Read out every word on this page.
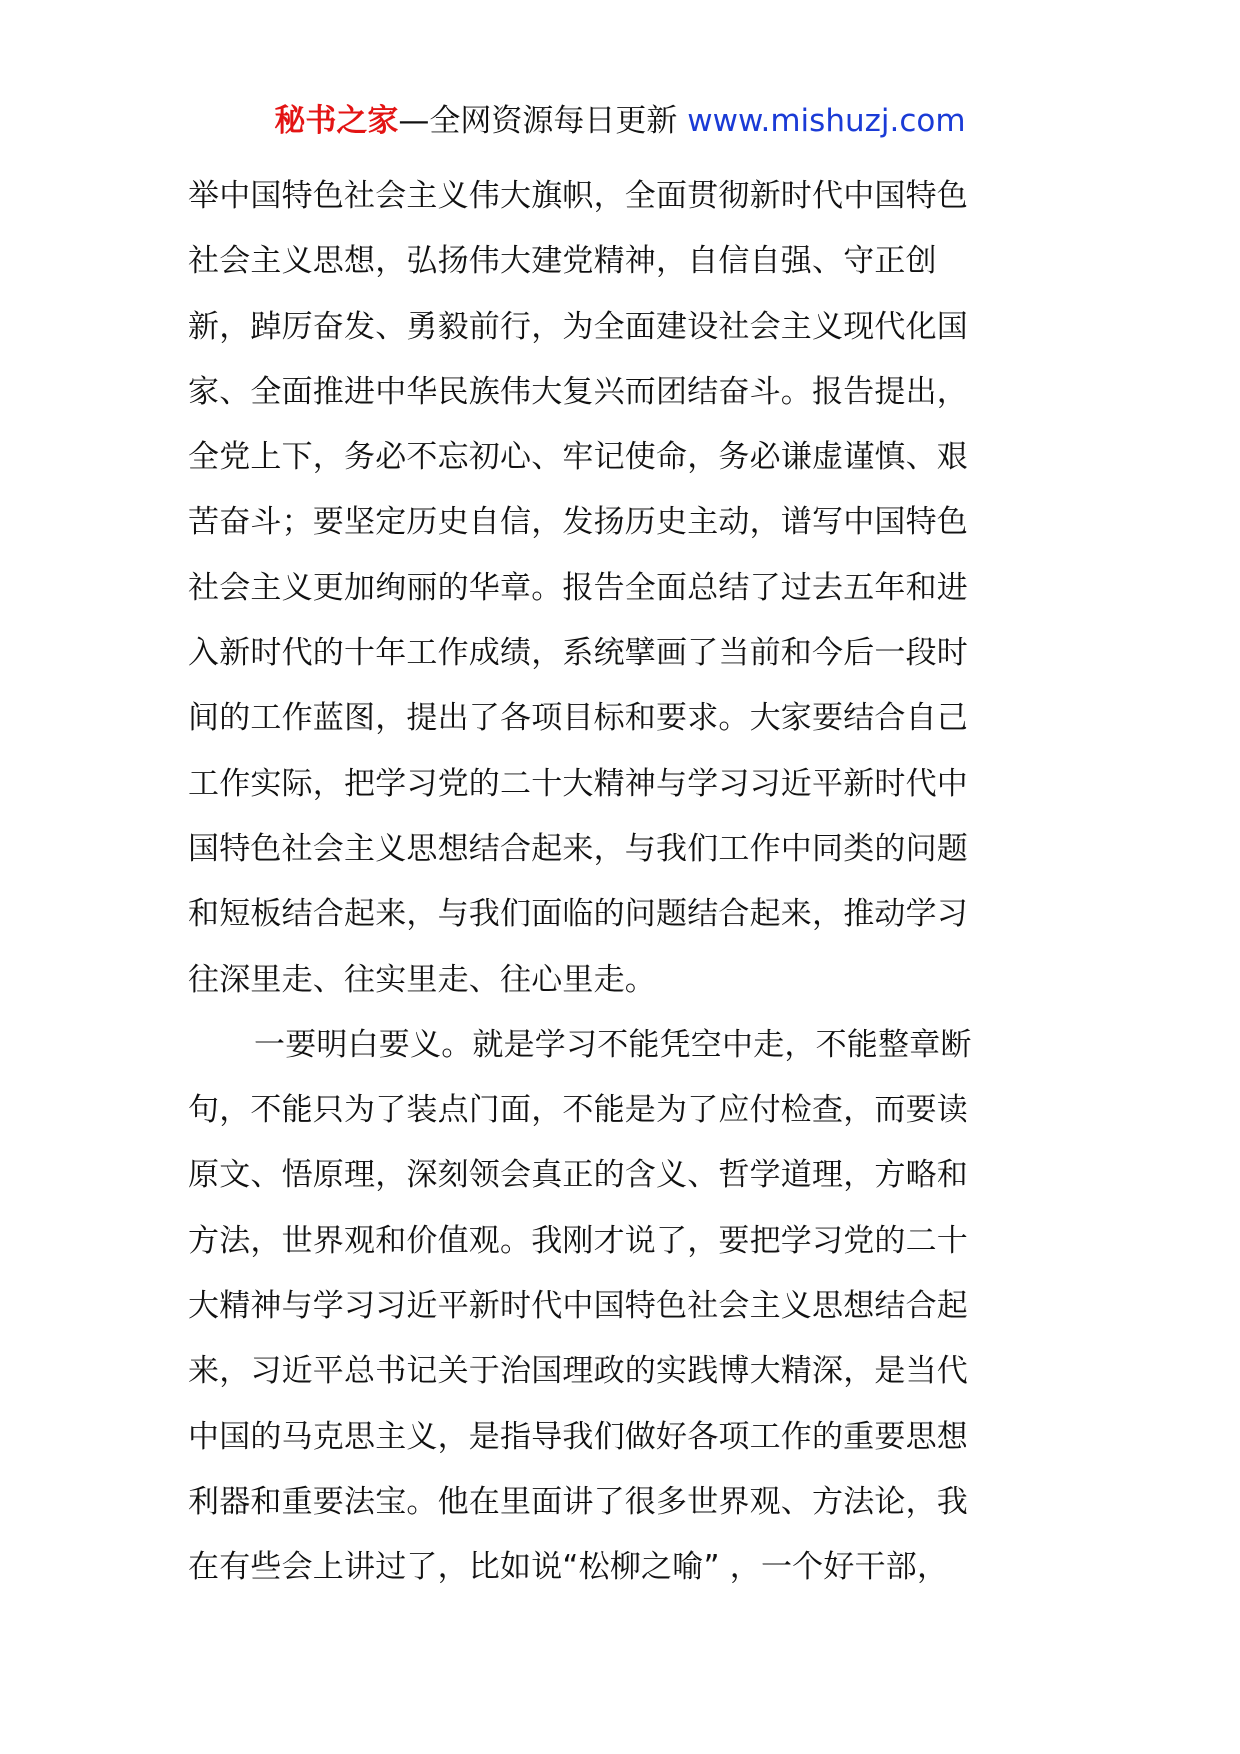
秘书之家—全网资源每日更新 www.mishuzj.com
举中国特色社会主义伟大旗帜，全面贯彻新时代中国特色
社会主义思想，弘扬伟大建党精神，自信自强、守正创
新，踔厉奋发、勇毅前行，为全面建设社会主义现代化国
家、全面推进中华民族伟大复兴而团结奋斗。报告提出，
全党上下，务必不忘初心、牢记使命，务必谦虚谨慎、艰
苦奋斗；要坚定历史自信，发扬历史主动，谱写中国特色
社会主义更加绚丽的华章。报告全面总结了过去五年和进
入新时代的十年工作成绩，系统擘画了当前和今后一段时
间的工作蓝图，提出了各项目标和要求。大家要结合自己
工作实际，把学习党的二十大精神与学习习近平新时代中
国特色社会主义思想结合起来，与我们工作中同类的问题
和短板结合起来，与我们面临的问题结合起来，推动学习
往深里走、往实里走、往心里走。
一要明白要义。就是学习不能凭空中走，不能整章断
句，不能只为了装点门面，不能是为了应付检查，而要读
原文、悟原理，深刻领会真正的含义、哲学道理，方略和
方法，世界观和价值观。我刚才说了，要把学习党的二十
大精神与学习习近平新时代中国特色社会主义思想结合起
来，习近平总书记关于治国理政的实践博大精深，是当代
中国的马克思主义，是指导我们做好各项工作的重要思想
利器和重要法宝。他在里面讲了很多世界观、方法论，我
在有些会上讲过了，比如说“松柳之喻” ，一个好干部，
